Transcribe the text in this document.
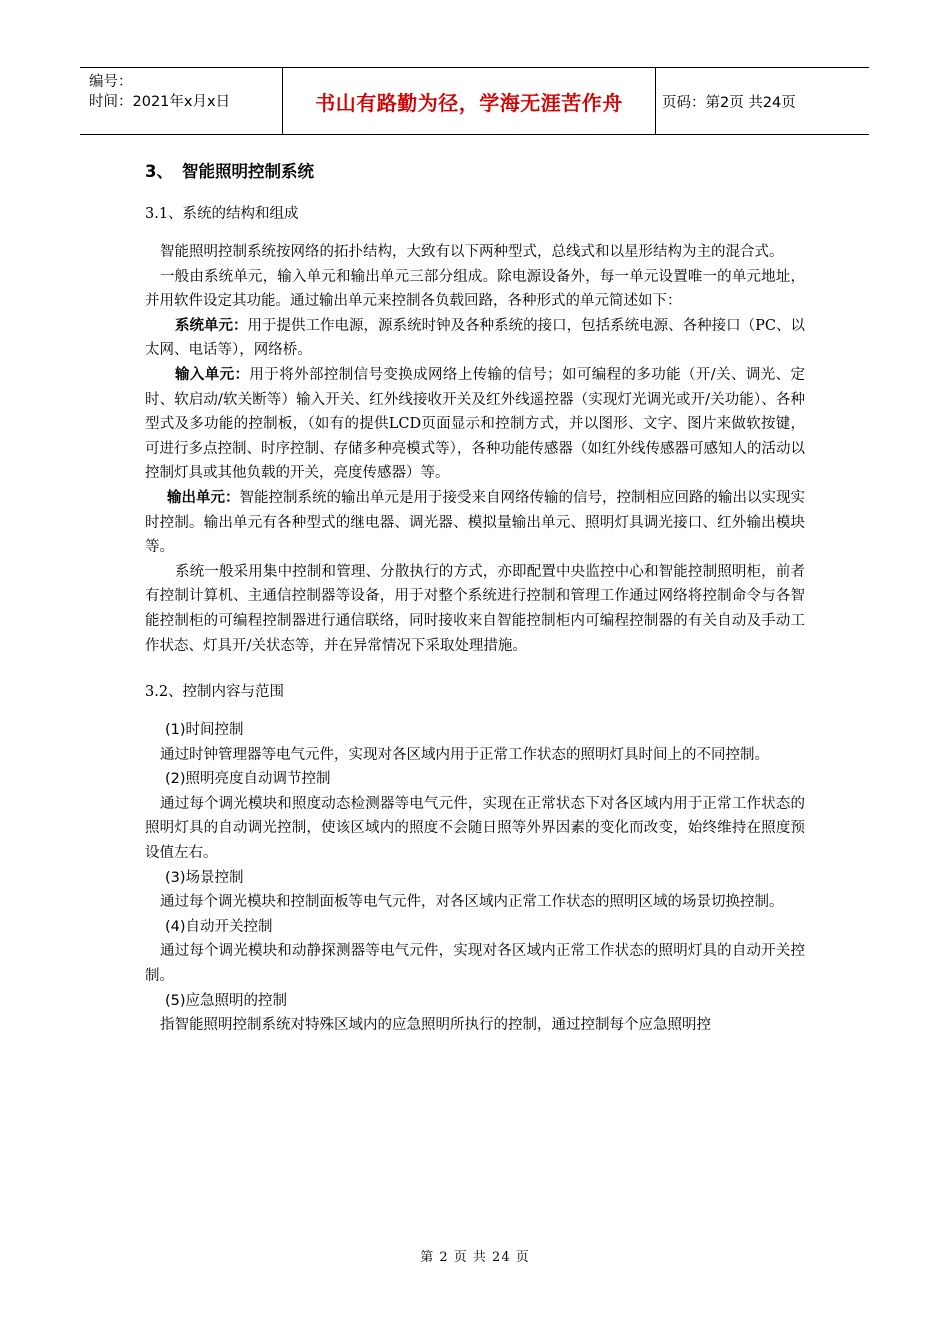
编号：
时间：2021年x月x日	书山有路勤为径，学海无涯苦作舟	页码：第2页 共24页
3、 智能照明控制系统
3.1、系统的结构和组成

智能照明控制系统按网络的拓扑结构，大致有以下两种型式，总线式和以星形结构为主的混合式。

一般由系统单元，输入单元和输出单元三部分组成。除电源设备外，每一单元设置唯一的单元地址，并用软件设定其功能。通过输出单元来控制各负载回路，各种形式的单元简述如下：

系统单元：用于提供工作电源，源系统时钟及各种系统的接口，包括系统电源、各种接口（PC、以太网、电话等），网络桥。

输入单元：用于将外部控制信号变换成网络上传输的信号；如可编程的多功能（开/关、调光、定时、软启动/软关断等）输入开关、红外线接收开关及红外线遥控器（实现灯光调光或开/关功能）、各种型式及多功能的控制板，（如有的提供LCD页面显示和控制方式，并以图形、文字、图片来做软按键，可进行多点控制、时序控制、存储多种亮模式等），各种功能传感器（如红外线传感器可感知人的活动以控制灯具或其他负载的开关，亮度传感器）等。

输出单元：智能控制系统的输出单元是用于接受来自网络传输的信号，控制相应回路的输出以实现实时控制。输出单元有各种型式的继电器、调光器、模拟量输出单元、照明灯具调光接口、红外输出模块等。

系统一般采用集中控制和管理、分散执行的方式，亦即配置中央监控中心和智能控制照明柜，前者有控制计算机、主通信控制器等设备，用于对整个系统进行控制和管理工作通过网络将控制命令与各智能控制柜的可编程控制器进行通信联络，同时接收来自智能控制柜内可编程控制器的有关自动及手动工作状态、灯具开/关状态等，并在异常情况下采取处理措施。

3.2、控制内容与范围
(1)时间控制

通过时钟管理器等电气元件，实现对各区域内用于正常工作状态的照明灯具时间上的不同控制。

(2)照明亮度自动调节控制

通过每个调光模块和照度动态检测器等电气元件，实现在正常状态下对各区域内用于正常工作状态的照明灯具的自动调光控制，使该区域内的照度不会随日照等外界因素的变化而改变，始终维持在照度预设值左右。

(3)场景控制

通过每个调光模块和控制面板等电气元件，对各区域内正常工作状态的照明区域的场景切换控制。

(4)自动开关控制

通过每个调光模块和动静探测器等电气元件，实现对各区域内正常工作状态的照明灯具的自动开关控制。

(5)应急照明的控制

指智能照明控制系统对特殊区域内的应急照明所执行的控制，通过控制每个应急照明控

第 2 页 共 24 页
